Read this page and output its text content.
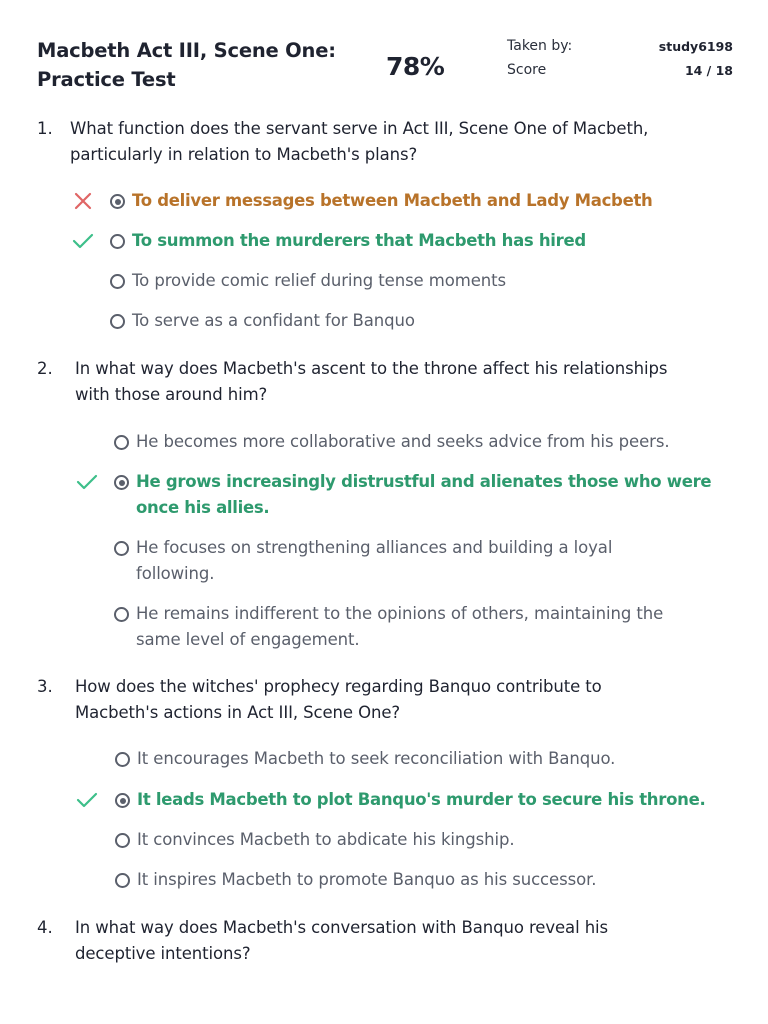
Macbeth Act III, Scene One:
Practice Test	78%
Taken by:	study6198
Score	14 / 18
1. What function does the servant serve in Act III, Scene One of Macbeth,
particularly in relation to Macbeth's plans?
To deliver messages between Macbeth and Lady Macbeth
To summon the murderers that Macbeth has hired
To provide comic relief during tense moments
To serve as a confidant for Banquo
2. In what way does Macbeth's ascent to the throne affect his relationships
with those around him?
He becomes more collaborative and seeks advice from his peers.
He grows increasingly distrustful and alienates those who were
once his allies.
He focuses on strengthening alliances and building a loyal
following.
He remains indifferent to the opinions of others, maintaining the
same level of engagement.
3. How does the witches' prophecy regarding Banquo contribute to
Macbeth's actions in Act III, Scene One?
It encourages Macbeth to seek reconciliation with Banquo.
It leads Macbeth to plot Banquo's murder to secure his throne.
It convinces Macbeth to abdicate his kingship.
It inspires Macbeth to promote Banquo as his successor.
4. In what way does Macbeth's conversation with Banquo reveal his
deceptive intentions?
